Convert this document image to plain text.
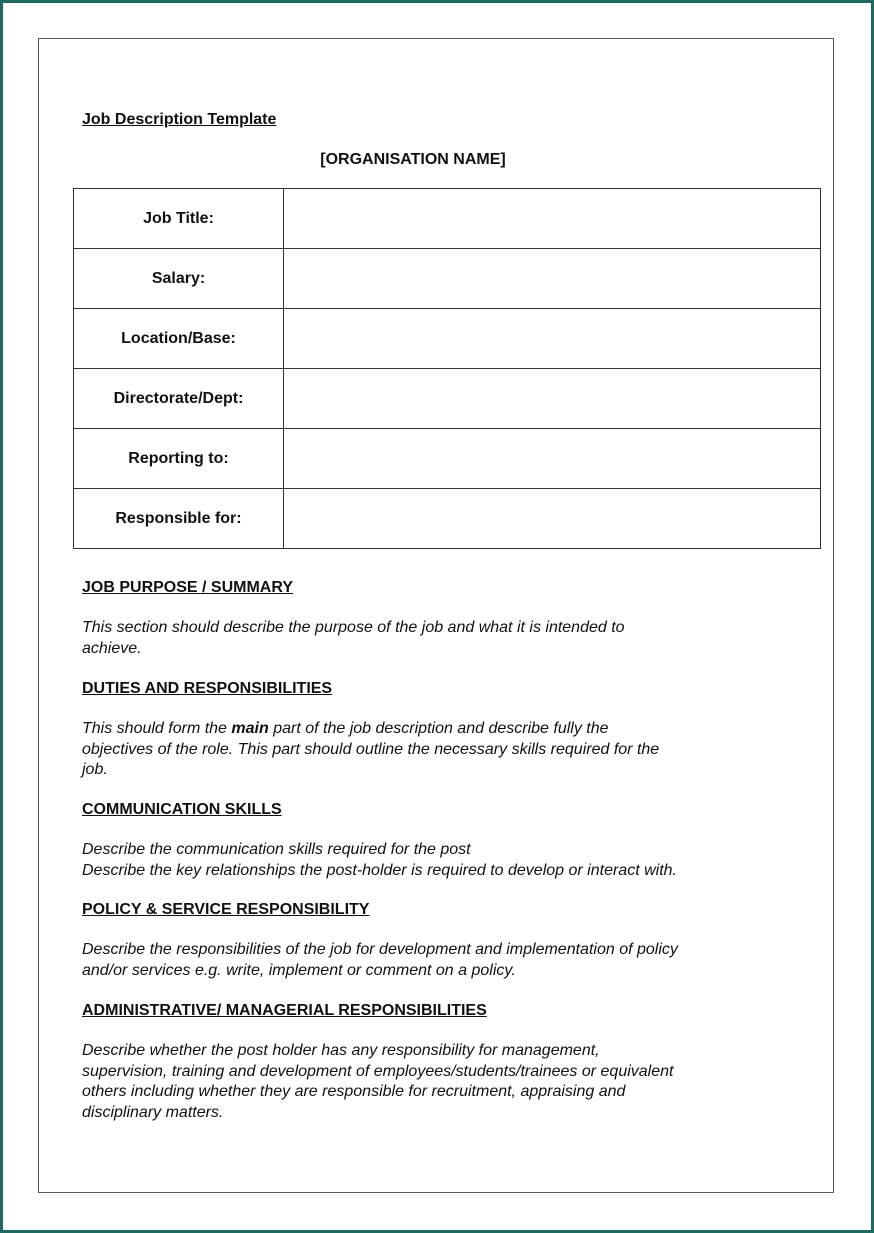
Job Description Template
[ORGANISATION NAME]
Job Title:	
Salary:	
Location/Base:	
Directorate/Dept:	
Reporting to:	
Responsible for:	
JOB PURPOSE / SUMMARY

This section should describe the purpose of the job and what it is intended to
achieve.

DUTIES AND RESPONSIBILITIES

This should form the main part of the job description and describe fully the
objectives of the role. This part should outline the necessary skills required for the
job.

COMMUNICATION SKILLS

Describe the communication skills required for the post
Describe the key relationships the post-holder is required to develop or interact with.

POLICY & SERVICE RESPONSIBILITY

Describe the responsibilities of the job for development and implementation of policy
and/or services e.g. write, implement or comment on a policy.

ADMINISTRATIVE/ MANAGERIAL RESPONSIBILITIES

Describe whether the post holder has any responsibility for management,
supervision, training and development of employees/students/trainees or equivalent
others including whether they are responsible for recruitment, appraising and
disciplinary matters.
